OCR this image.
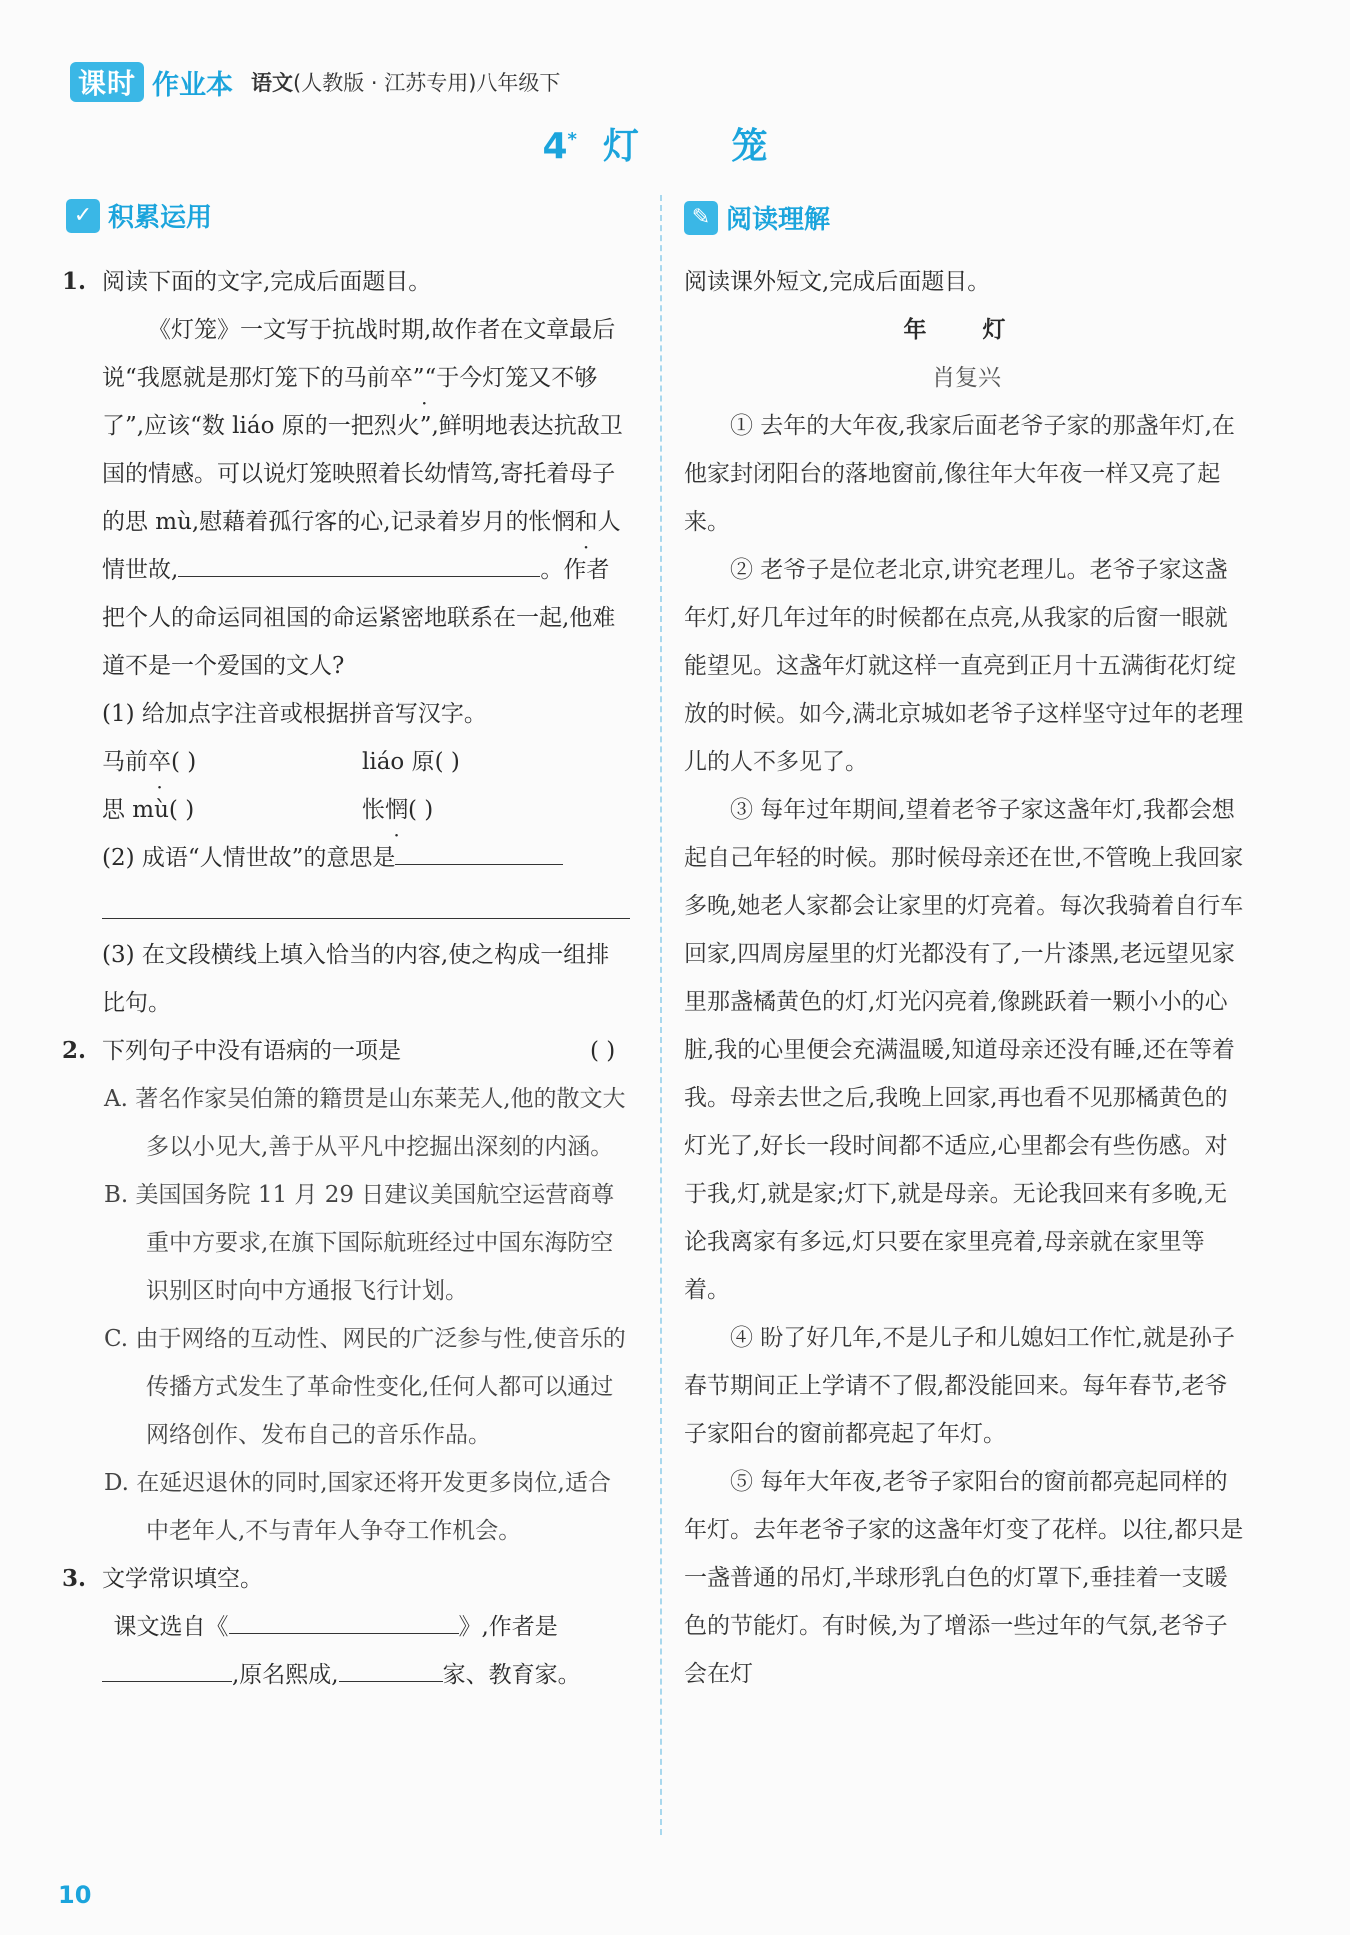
课时 作业本 语文(人教版 · 江苏专用)八年级下
4* 灯 笼
✓ 积累运用	✎ 阅读理解

1. 阅读下面的文字,完成后面题目。

《灯笼》一文写于抗战时期,故作者在文章最后说“我愿就是那灯笼下的马前卒”“于今灯笼又不够了”,应该“数 liáo 原的一把烈火”,鲜明地表达抗敌卫国的情感。可以说灯笼映照着长幼情笃,寄托着母子的思 mù,慰藉着孤行客的心,记录着岁月的怅惘和人情世故,	。作者把个人的命运同祖国的命运紧密地联系在一起,他难道不是一个爱国的文人?

(1) 给加点字注音或根据拼音写汉字。

马前卒( )	liáo 原( )

思 mù( )	怅惘( )

(2) 成语“人情世故”的意思是

(3) 在文段横线上填入恰当的内容,使之构成一组排比句。

2. 下列句子中没有语病的一项是	( )

A. 著名作家吴伯箫的籍贯是山东莱芜人,他的散文大多以小见大,善于从平凡中挖掘出深刻的内涵。

B. 美国国务院 11 月 29 日建议美国航空运营商尊重中方要求,在旗下国际航班经过中国东海防空识别区时向中方通报飞行计划。

C. 由于网络的互动性、网民的广泛参与性,使音乐的传播方式发生了革命性变化,任何人都可以通过网络创作、发布自己的音乐作品。

D. 在延迟退休的同时,国家还将开发更多岗位,适合中老年人,不与青年人争夺工作机会。

3. 文学常识填空。

课文选自《	》,作者是

,原名熙成,	家、教育家。

阅读课外短文,完成后面题目。

年 灯

肖复兴

① 去年的大年夜,我家后面老爷子家的那盏年灯,在他家封闭阳台的落地窗前,像往年大年夜一样又亮了起来。

② 老爷子是位老北京,讲究老理儿。老爷子家这盏年灯,好几年过年的时候都在点亮,从我家的后窗一眼就能望见。这盏年灯就这样一直亮到正月十五满街花灯绽放的时候。如今,满北京城如老爷子这样坚守过年的老理儿的人不多见了。

③ 每年过年期间,望着老爷子家这盏年灯,我都会想起自己年轻的时候。那时候母亲还在世,不管晚上我回家多晚,她老人家都会让家里的灯亮着。每次我骑着自行车回家,四周房屋里的灯光都没有了,一片漆黑,老远望见家里那盏橘黄色的灯,灯光闪亮着,像跳跃着一颗小小的心脏,我的心里便会充满温暖,知道母亲还没有睡,还在等着我。母亲去世之后,我晚上回家,再也看不见那橘黄色的灯光了,好长一段时间都不适应,心里都会有些伤感。对于我,灯,就是家;灯下,就是母亲。无论我回来有多晚,无论我离家有多远,灯只要在家里亮着,母亲就在家里等着。

④ 盼了好几年,不是儿子和儿媳妇工作忙,就是孙子春节期间正上学请不了假,都没能回来。每年春节,老爷子家阳台的窗前都亮起了年灯。

⑤ 每年大年夜,老爷子家阳台的窗前都亮起同样的年灯。去年老爷子家的这盏年灯变了花样。以往,都只是一盏普通的吊灯,半球形乳白色的灯罩下,垂挂着一支暖色的节能灯。有时候,为了增添一些过年的气氛,老爷子会在灯

10
